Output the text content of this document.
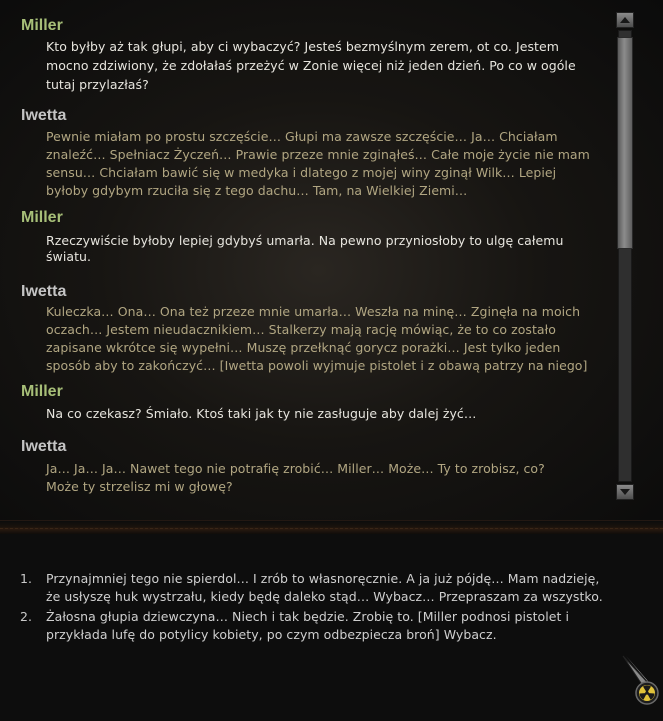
Miller
Kto byłby aż tak głupi, aby ci wybaczyć? Jesteś bezmyślnym zerem, ot co. Jestem
mocno zdziwiony, że zdołałaś przeżyć w Zonie więcej niż jeden dzień. Po co w ogóle
tutaj przylazłaś?
Iwetta
Pewnie miałam po prostu szczęście… Głupi ma zawsze szczęście… Ja… Chciałam
znaleźć… Spełniacz Życzeń… Prawie przeze mnie zginąłeś… Całe moje życie nie mam
sensu… Chciałam bawić się w medyka i dlatego z mojej winy zginął Wilk… Lepiej
byłoby gdybym rzuciła się z tego dachu… Tam, na Wielkiej Ziemi…
Miller
Rzeczywiście byłoby lepiej gdybyś umarła. Na pewno przyniosłoby to ulgę całemu
światu.
Iwetta
Kuleczka… Ona… Ona też przeze mnie umarła… Weszła na minę… Zginęła na moich
oczach… Jestem nieudacznikiem… Stalkerzy mają rację mówiąc, że to co zostało
zapisane wkrótce się wypełni… Muszę przełknąć gorycz porażki… Jest tylko jeden
sposób aby to zakończyć… [Iwetta powoli wyjmuje pistolet i z obawą patrzy na niego]
Miller
Na co czekasz? Śmiało. Ktoś taki jak ty nie zasługuje aby dalej żyć…
Iwetta
Ja… Ja… Ja… Nawet tego nie potrafię zrobić… Miller… Może… Ty to zrobisz, co?
Może ty strzelisz mi w głowę?
1. Przynajmniej tego nie spierdol… I zrób to własnoręcznie. A ja już pójdę… Mam nadzieję,
że usłyszę huk wystrzału, kiedy będę daleko stąd… Wybacz… Przepraszam za wszystko.
2. Żałosna głupia dziewczyna… Niech i tak będzie. Zrobię to. [Miller podnosi pistolet i
przykłada lufę do potylicy kobiety, po czym odbezpiecza broń] Wybacz.
